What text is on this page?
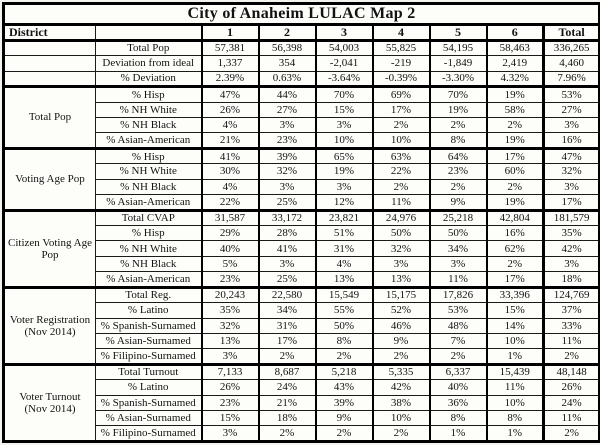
City of Anaheim LULAC Map 2								
District		1	2	3	4	5	6	Total
	Total Pop	57,381	56,398	54,003	55,825	54,195	58,463	336,265
	Deviation from ideal	1,337	354	-2,041	-219	-1,849	2,419	4,460
	% Deviation	2.39%	0.63%	-3.64%	-0.39%	-3.30%	4.32%	7.96%
Total Pop	% Hisp	47%	44%	70%	69%	70%	19%	53%
	% NH White	26%	27%	15%	17%	19%	58%	27%
	% NH Black	4%	3%	3%	2%	2%	2%	3%
	% Asian-American	21%	23%	10%	10%	8%	19%	16%
Voting Age Pop	% Hisp	41%	39%	65%	63%	64%	17%	47%
	% NH White	30%	32%	19%	22%	23%	60%	32%
	% NH Black	4%	3%	3%	2%	2%	2%	3%
	% Asian-American	22%	25%	12%	11%	9%	19%	17%
Citizen Voting Age Pop	Total CVAP	31,587	33,172	23,821	24,976	25,218	42,804	181,579
	% Hisp	29%	28%	51%	50%	50%	16%	35%
	% NH White	40%	41%	31%	32%	34%	62%	42%
	% NH Black	5%	3%	4%	3%	3%	2%	3%
	% Asian-American	23%	25%	13%	13%	11%	17%	18%
Voter Registration (Nov 2014)	Total Reg.	20,243	22,580	15,549	15,175	17,826	33,396	124,769
	% Latino	35%	34%	55%	52%	53%	15%	37%
	% Spanish-Surnamed	32%	31%	50%	46%	48%	14%	33%
	% Asian-Surnamed	13%	17%	8%	9%	7%	10%	11%
	% Filipino-Surnamed	3%	2%	2%	2%	2%	1%	2%
Voter Turnout (Nov 2014)	Total Turnout	7,133	8,687	5,218	5,335	6,337	15,439	48,148
	% Latino	26%	24%	43%	42%	40%	11%	26%
	% Spanish-Surnamed	23%	21%	39%	38%	36%	10%	24%
	% Asian-Surnamed	15%	18%	9%	10%	8%	8%	11%
	% Filipino-Surnamed	3%	2%	2%	2%	1%	1%	2%
